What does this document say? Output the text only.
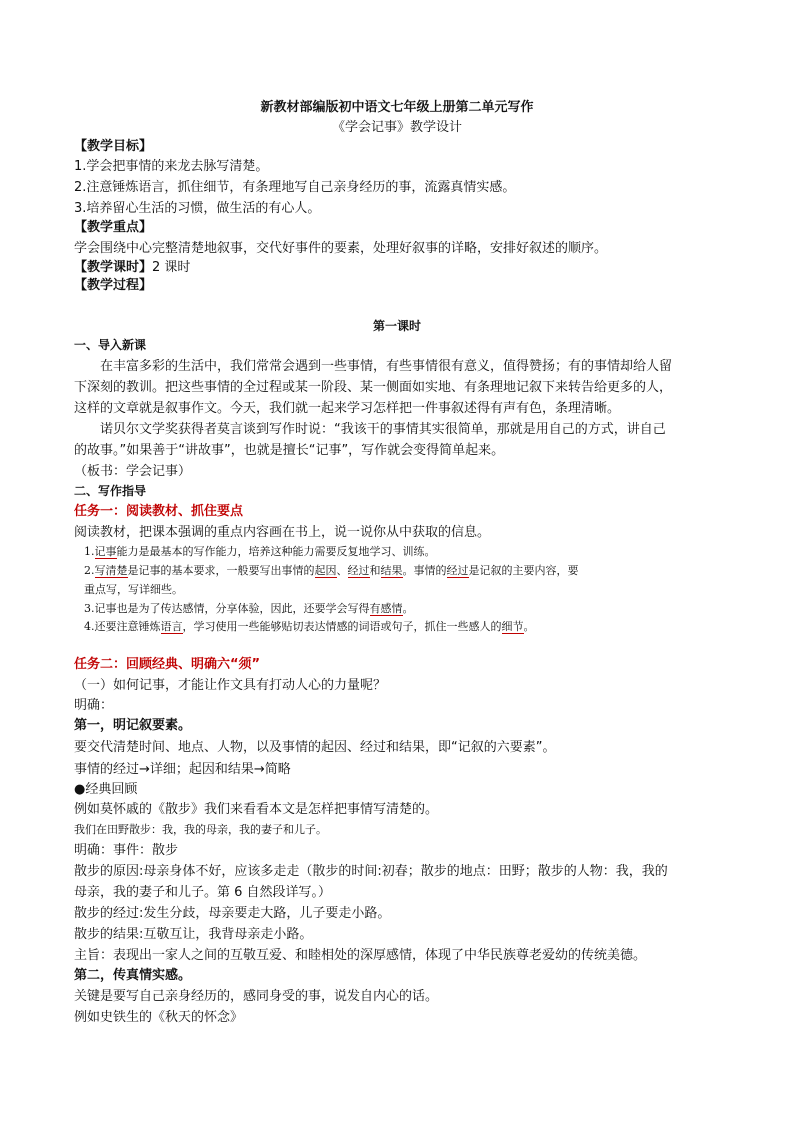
新教材部编版初中语文七年级上册第二单元写作
《学会记事》教学设计
【教学目标】
1.学会把事情的来龙去脉写清楚。
2.注意锤炼语言，抓住细节，有条理地写自己亲身经历的事，流露真情实感。
3.培养留心生活的习惯，做生活的有心人。
【教学重点】
学会围绕中心完整清楚地叙事，交代好事件的要素，处理好叙事的详略，安排好叙述的顺序。
【教学课时】2 课时
【教学过程】
第一课时
一、导入新课
在丰富多彩的生活中，我们常常会遇到一些事情，有些事情很有意义，值得赞扬；有的事情却给人留
下深刻的教训。把这些事情的全过程或某一阶段、某一侧面如实地、有条理地记叙下来转告给更多的人，
这样的文章就是叙事作文。今天，我们就一起来学习怎样把一件事叙述得有声有色，条理清晰。
诺贝尔文学奖获得者莫言谈到写作时说：“我该干的事情其实很简单，那就是用自己的方式，讲自己
的故事。”如果善于“讲故事”，也就是擅长“记事”，写作就会变得简单起来。
（板书：学会记事）
二、写作指导
任务一：阅读教材、抓住要点
阅读教材，把课本强调的重点内容画在书上，说一说你从中获取的信息。
1.记事能力是最基本的写作能力，培养这种能力需要反复地学习、训练。
2.写清楚是记事的基本要求，一般要写出事情的起因、经过和结果。事情的经过是记叙的主要内容，要
重点写，写详细些。
3.记事也是为了传达感情，分享体验，因此，还要学会写得有感情。
4.还要注意锤炼语言，学习使用一些能够贴切表达情感的词语或句子，抓住一些感人的细节。
任务二：回顾经典、明确六“须”
（一）如何记事，才能让作文具有打动人心的力量呢？
明确：
第一，明记叙要素。
要交代清楚时间、地点、人物，以及事情的起因、经过和结果，即“记叙的六要素”。
事情的经过→详细；起因和结果→简略
●经典回顾
例如莫怀戚的《散步》我们来看看本文是怎样把事情写清楚的。
我们在田野散步：我，我的母亲，我的妻子和儿子。
明确：事件：散步
散步的原因:母亲身体不好，应该多走走（散步的时间:初春；散步的地点：田野；散步的人物：我，我的
母亲，我的妻子和儿子。第 6 自然段详写。）
散步的经过:发生分歧，母亲要走大路，儿子要走小路。
散步的结果:互敬互让，我背母亲走小路。
主旨：表现出一家人之间的互敬互爱、和睦相处的深厚感情，体现了中华民族尊老爱幼的传统美德。
第二，传真情实感。
关键是要写自己亲身经历的，感同身受的事，说发自内心的话。
例如史铁生的《秋天的怀念》
